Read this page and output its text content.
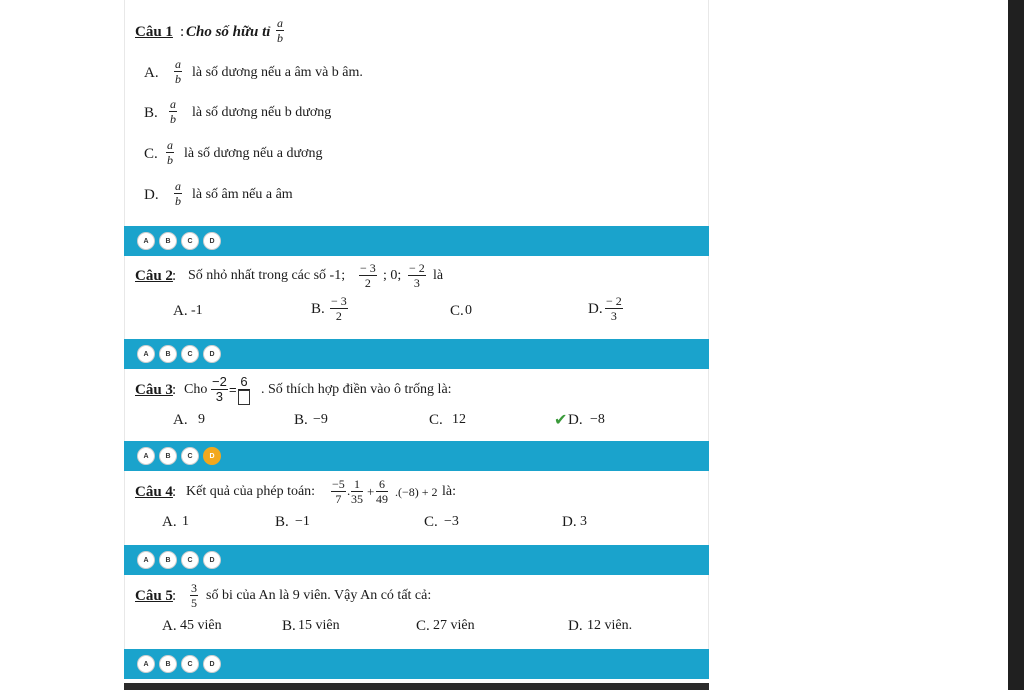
Câu 1 : Cho số hữu tỉ $\frac{a}{b}$
A. $\frac{a}{b}$ là số dương nếu a âm và b âm.
B. $\frac{a}{b}$ là số dương nếu b dương
C. $\frac{a}{b}$ là số dương nếu a dương
D. $\frac{a}{b}$ là số âm nếu a âm
A	B	C	D
Câu 2 : Số nhỏ nhất trong các số -1; $\frac{- 3}{2}$ ; 0; $\frac{- 2}{3}$ là
A. -1	B. $\frac{- 3}{2}$	C. 0	D. $\frac{- 2}{3}$
A	B	C	D
Câu 3 : Cho $\frac{-2}{3}$ =
6
. Số thích hợp điền vào ô trống là:
A. 9	B. −9	C. 12	✔ D. −8
A	B	C	D
Câu 4 : Kết quả của phép toán: $\frac{-5}{7}$ . $\frac{1}{35} + \frac{6}{49} .(-8) + 2$ là:
A. 1	B. −1	C. −3	D. 3
A	B	C	D
Câu 5 : $\frac{3}{5}$ số bi của An là 9 viên. Vậy An có tất cả:
A. 45 viên	B. 15 viên	C. 27 viên	D. 12 viên.
A	B	C	D
